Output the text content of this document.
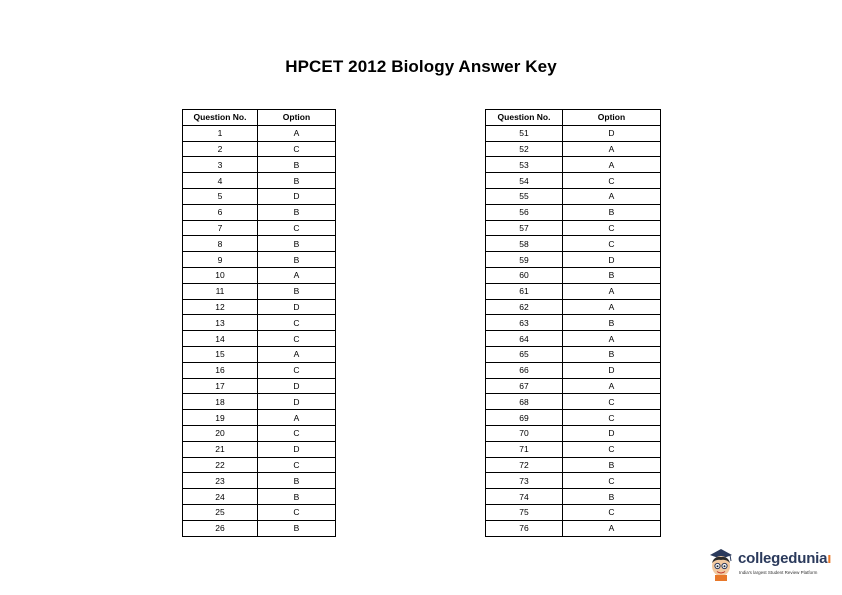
HPCET 2012 Biology Answer Key
Question No.	Option
1	A
2	C
3	B
4	B
5	D
6	B
7	C
8	B
9	B
10	A
11	B
12	D
13	C
14	C
15	A
16	C
17	D
18	D
19	A
20	C
21	D
22	C
23	B
24	B
25	C
26	B
Question No.	Option
51	D
52	A
53	A
54	C
55	A
56	B
57	C
58	C
59	D
60	B
61	A
62	A
63	B
64	A
65	B
66	D
67	A
68	C
69	C
70	D
71	C
72	B
73	C
74	B
75	C
76	A
collegeduniaı
India's largest Student Review Platform
